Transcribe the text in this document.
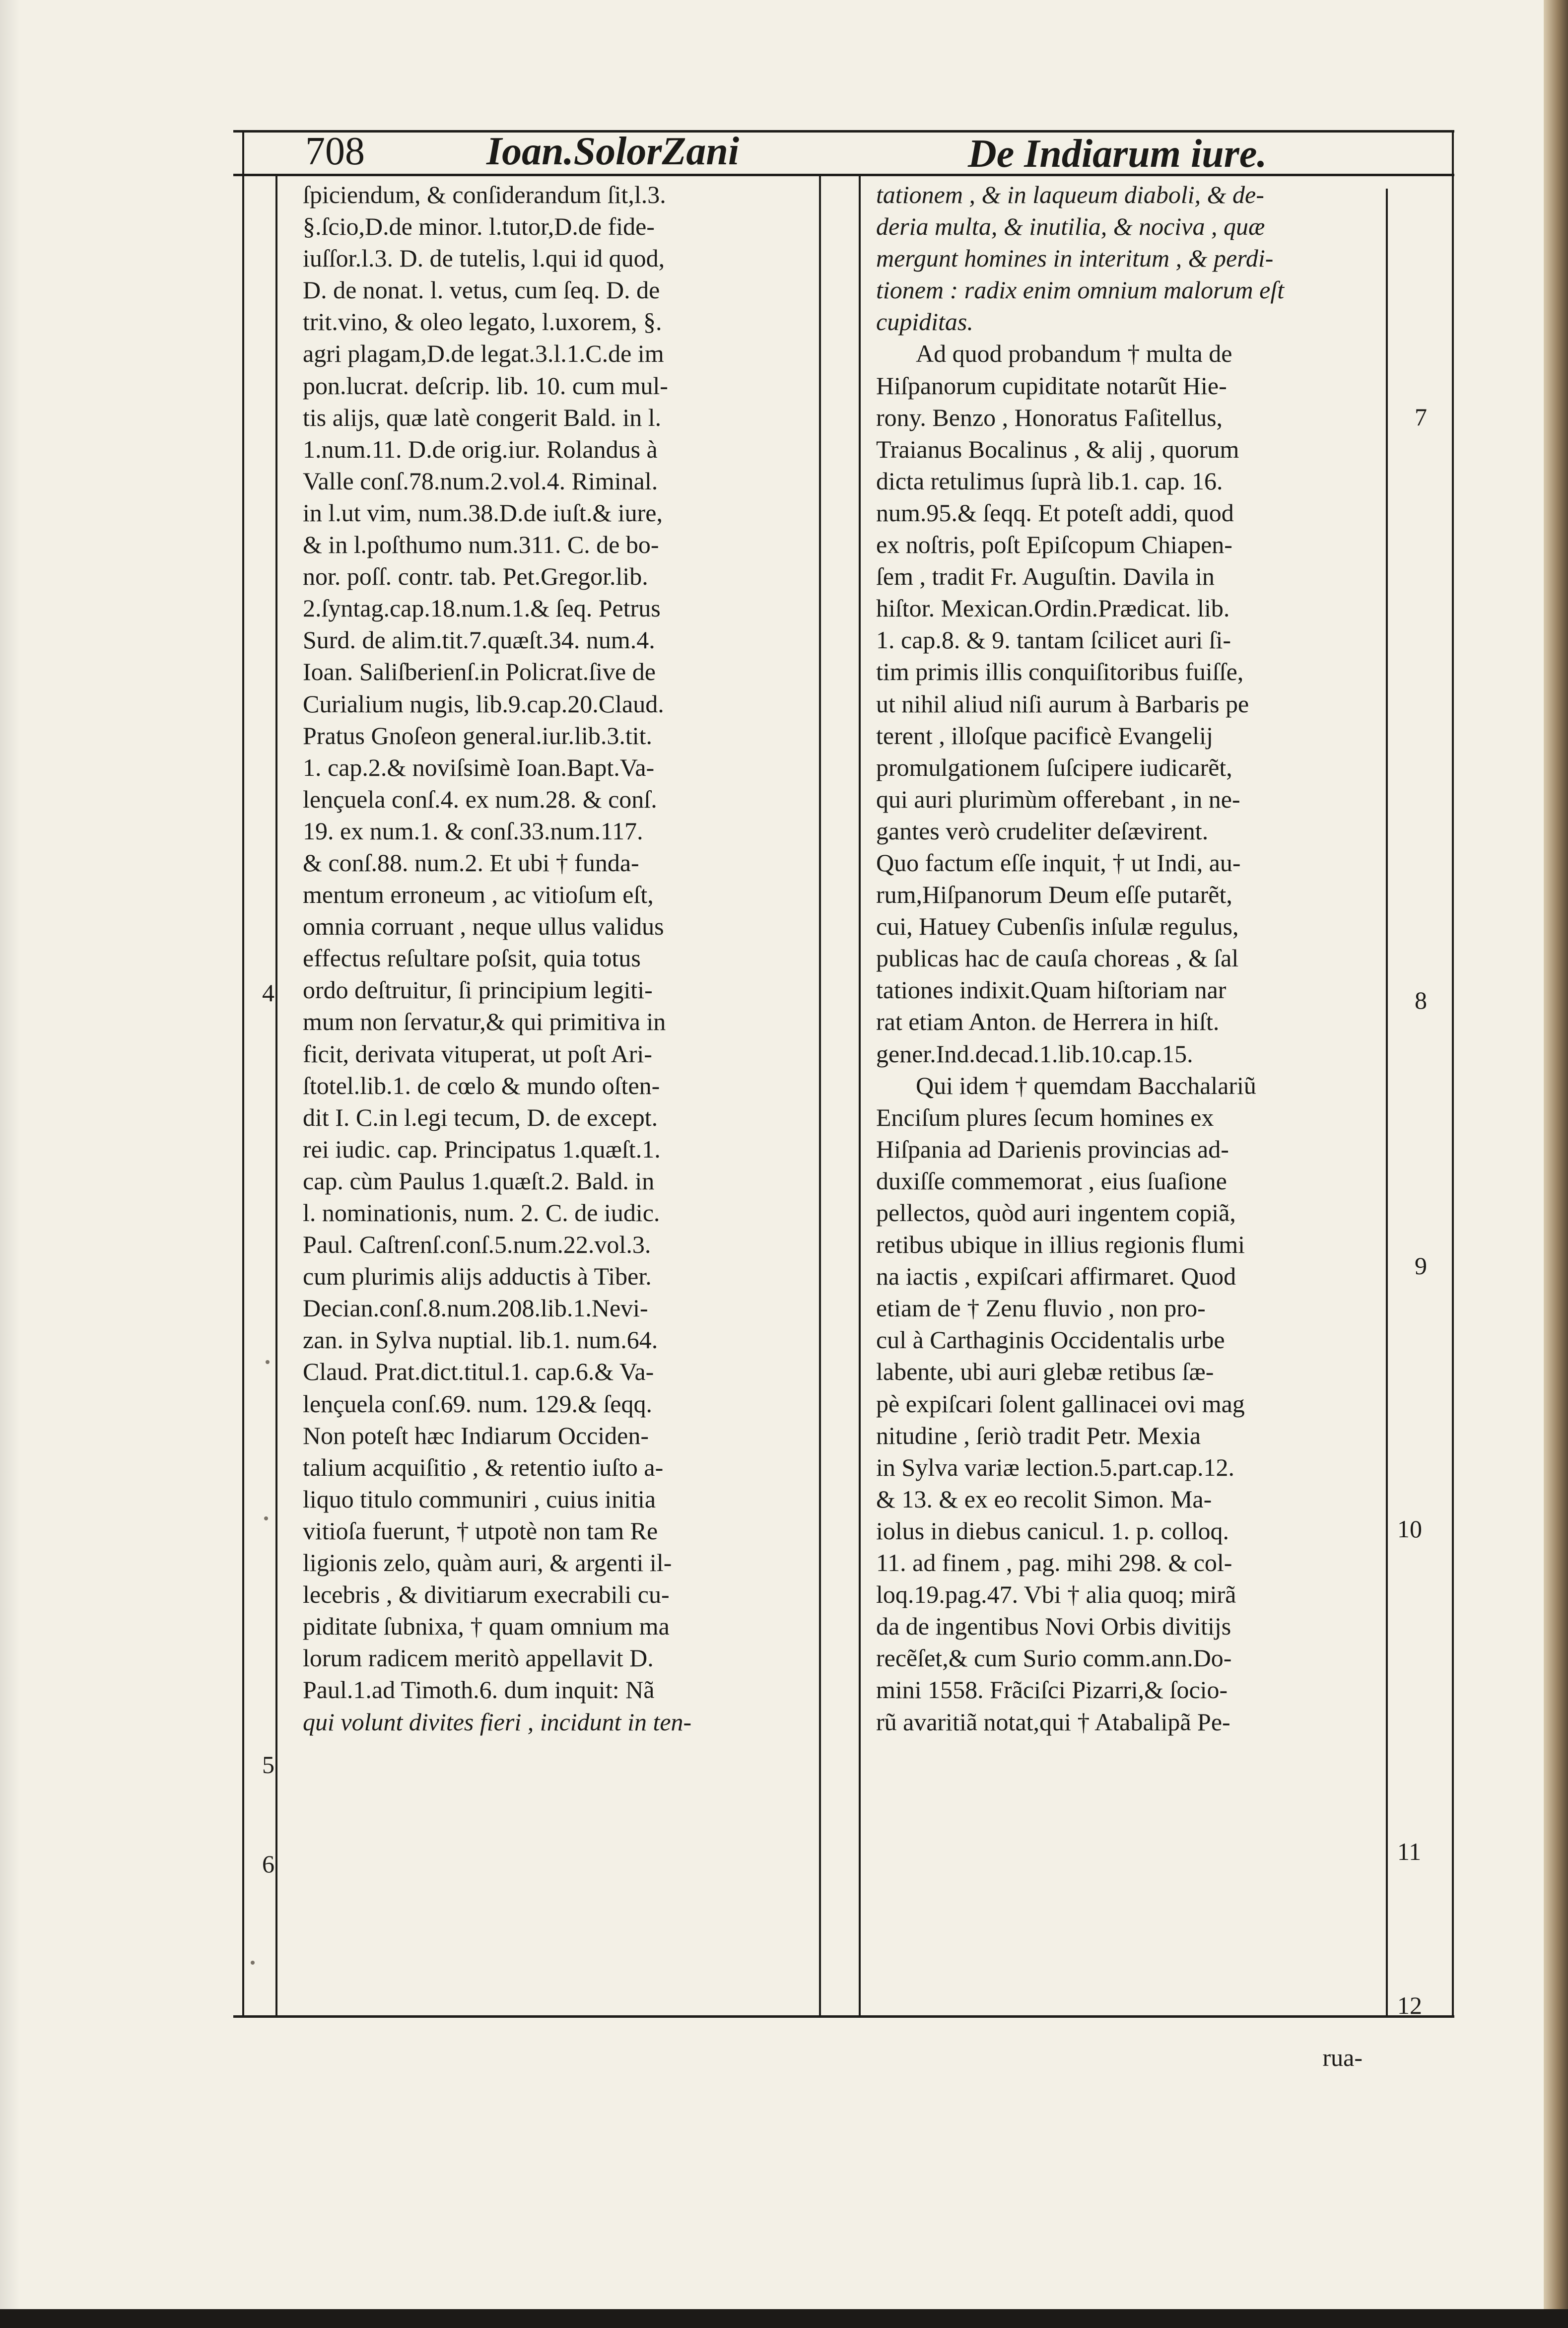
708	Ioan.SolorZani	De Indiarum iure.
ſpiciendum, & conſiderandum ſit,l.3.
§.ſcio,D.de minor. l.tutor,D.de fide-
iuſſor.l.3. D. de tutelis, l.qui id quod,
D. de nonat. l. vetus, cum ſeq. D. de
trit.vino, & oleo legato, l.uxorem, §.
agri plagam,D.de legat.3.l.1.C.de im
pon.lucrat. deſcrip. lib. 10. cum mul-
tis alijs, quæ latè congerit Bald. in l.
1.num.11. D.de orig.iur. Rolandus à
Valle conſ.78.num.2.vol.4. Riminal.
in l.ut vim, num.38.D.de iuſt.& iure,
& in l.poſthumo num.311. C. de bo-
nor. poſſ. contr. tab. Pet.Gregor.lib.
2.ſyntag.cap.18.num.1.& ſeq. Petrus
Surd. de alim.tit.7.quæſt.34. num.4.
Ioan. Saliſberienſ.in Policrat.ſive de
Curialium nugis, lib.9.cap.20.Claud.
Pratus Gnoſeon general.iur.lib.3.tit.
1. cap.2.& noviſsimè Ioan.Bapt.Va-
lençuela conſ.4. ex num.28. & conſ.
19. ex num.1. & conſ.33.num.117.
& conſ.88. num.2. Et ubi † funda-
mentum erroneum , ac vitioſum eſt,
omnia corruant , neque ullus validus
effectus reſultare poſsit, quia totus
ordo deſtruitur, ſi principium legiti-
mum non ſervatur,& qui primitiva in
ficit, derivata vituperat, ut poſt Ari-
ſtotel.lib.1. de cœlo & mundo oſten-
dit I. C.in l.egi tecum, D. de except.
rei iudic. cap. Principatus 1.quæſt.1.
cap. cùm Paulus 1.quæſt.2. Bald. in
l. nominationis, num. 2. C. de iudic.
Paul. Caſtrenſ.conſ.5.num.22.vol.3.
cum plurimis alijs adductis à Tiber.
Decian.conſ.8.num.208.lib.1.Nevi-
zan. in Sylva nuptial. lib.1. num.64.
Claud. Prat.dict.titul.1. cap.6.& Va-
lençuela conſ.69. num. 129.& ſeqq.
Non poteſt hæc Indiarum Occiden-
talium acquiſitio , & retentio iuſto a-
liquo titulo communiri , cuius initia
vitioſa fuerunt, † utpotè non tam Re
ligionis zelo, quàm auri, & argenti il-
lecebris , & divitiarum execrabili cu-
piditate ſubnixa, † quam omnium ma
lorum radicem meritò appellavit D.
Paul.1.ad Timoth.6. dum inquit: Nã
qui volunt divites fieri , incidunt in ten-
tationem , & in laqueum diaboli, & de-
deria multa, & inutilia, & nociva , quæ
mergunt homines in interitum , & perdi-
tionem : radix enim omnium malorum eſt
cupiditas.
Ad quod probandum † multa de
Hiſpanorum cupiditate notarũt Hie-
rony. Benzo , Honoratus Faſitellus,
Traianus Bocalinus , & alij , quorum
dicta retulimus ſuprà lib.1. cap. 16.
num.95.& ſeqq. Et poteſt addi, quod
ex noſtris, poſt Epiſcopum Chiapen-
ſem , tradit Fr. Auguſtin. Davila in
hiſtor. Mexican.Ordin.Prædicat. lib.
1. cap.8. & 9. tantam ſcilicet auri ſi-
tim primis illis conquiſitoribus fuiſſe,
ut nihil aliud niſi aurum à Barbaris pe
terent , illoſque pacificè Evangelij
promulgationem ſuſcipere iudicarẽt,
qui auri plurimùm offerebant , in ne-
gantes verò crudeliter deſævirent.
Quo factum eſſe inquit, † ut Indi, au-
rum,Hiſpanorum Deum eſſe putarẽt,
cui, Hatuey Cubenſis inſulæ regulus,
publicas hac de cauſa choreas , & ſal
tationes indixit.Quam hiſtoriam nar
rat etiam Anton. de Herrera in hiſt.
gener.Ind.decad.1.lib.10.cap.15.
Qui idem † quemdam Bacchalariũ
Enciſum plures ſecum homines ex
Hiſpania ad Darienis provincias ad-
duxiſſe commemorat , eius ſuaſione
pellectos, quòd auri ingentem copiã,
retibus ubique in illius regionis flumi
na iactis , expiſcari affirmaret. Quod
etiam de † Zenu fluvio , non pro-
cul à Carthaginis Occidentalis urbe
labente, ubi auri glebæ retibus ſæ-
pè expiſcari ſolent gallinacei ovi mag
nitudine , ſeriò tradit Petr. Mexia
in Sylva variæ lection.5.part.cap.12.
& 13. & ex eo recolit Simon. Ma-
iolus in diebus canicul. 1. p. colloq.
11. ad finem , pag. mihi 298. & col-
loq.19.pag.47. Vbi † alia quoq; mirã
da de ingentibus Novi Orbis divitijs
recẽſet,& cum Surio comm.ann.Do-
mini 1558. Frãciſci Pizarri,& ſocio-
rũ avaritiã notat,qui † Atabalipã Pe-
4
5
6
7
8
9
10
11
12
rua-
